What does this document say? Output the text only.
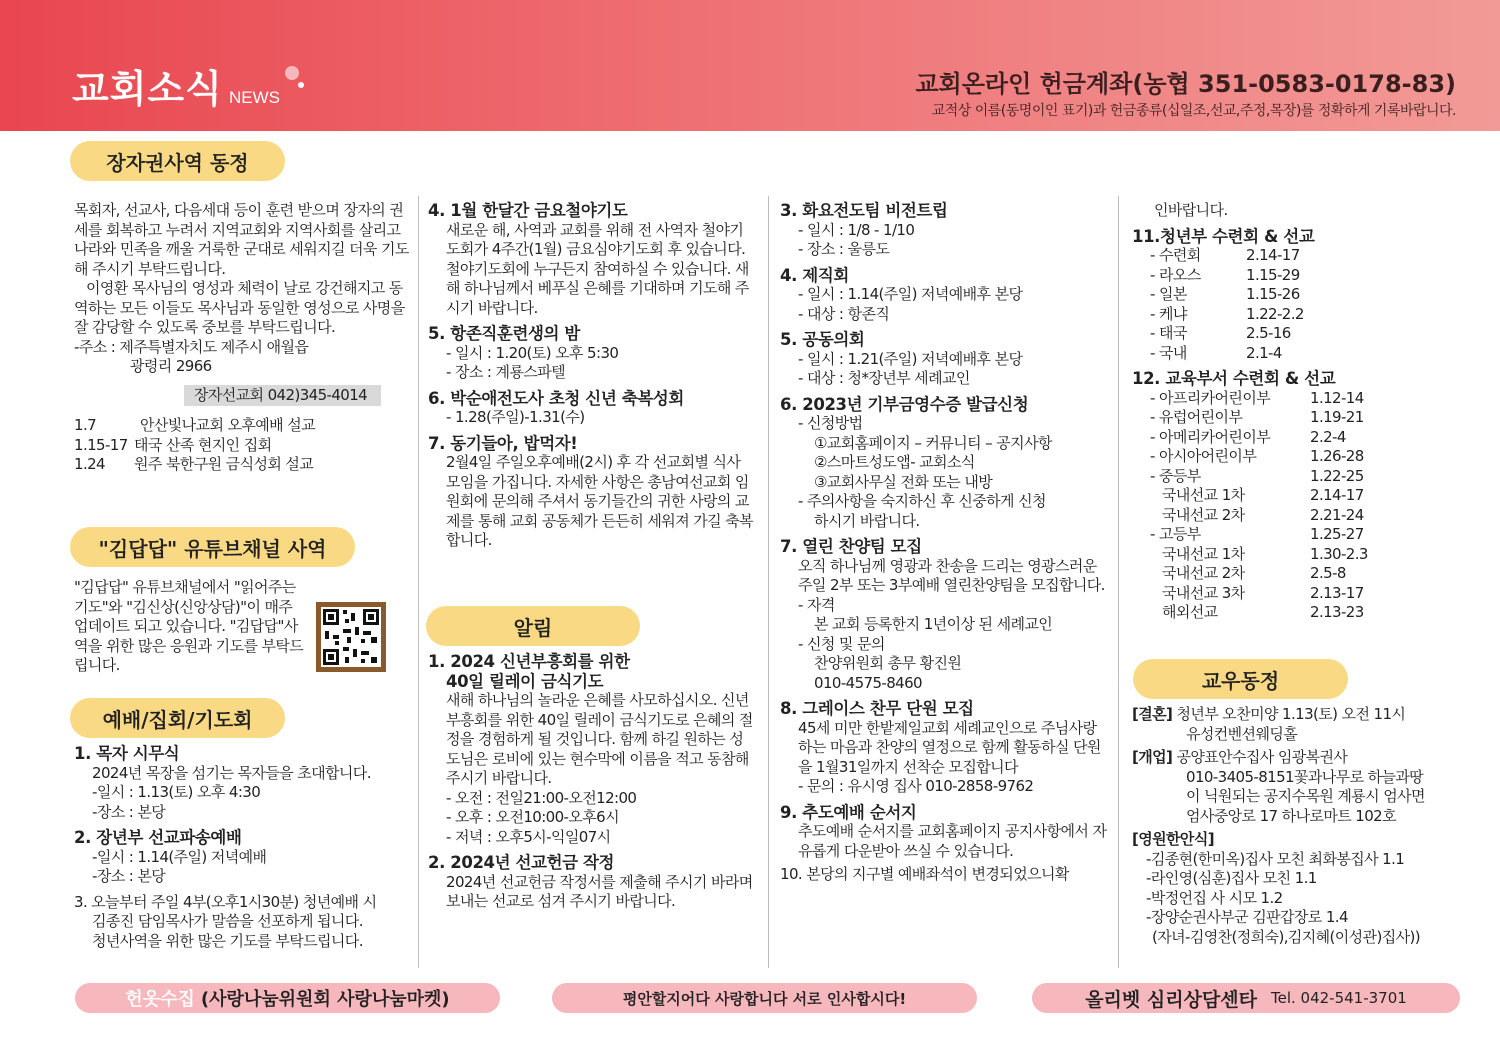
교회소식 NEWS	교회온라인 헌금계좌(농협 351-0583-0178-83)
교적상 이름(동명이인 표기)과 헌금종류(십일조,선교,주정,목장)를 정확하게 기록바랍니다.
장자권사역 동정
"김답답" 유튜브채널 사역
예배/집회/기도회
알림
교우동정

목회자, 선교사, 다음세대 등이 훈련 받으며 장자의 권세를 회복하고 누려서 지역교회와 지역사회를 살리고 나라와 민족을 깨울 거룩한 군대로 세워지길 더욱 기도해 주시기 부탁드립니다.

이영환 목사님의 영성과 체력이 날로 강건해지고 동역하는 모든 이들도 목사님과 동일한 영성으로 사명을 잘 감당할 수 있도록 중보를 부탁드립니다.

-주소 : 제주특별자치도 제주시 애월읍

광령리 2966

장자선교회 042)345-4014
1.7	안산빛나교회 오후예배 설교
1.15-17 태국 산족 현지인 집회
1.24	원주 북한구원 금식성회 설교

"김답답" 유튜브채널에서 "읽어주는 기도"와 "김신상(신앙상담)"이 매주 업데이트 되고 있습니다. "김답답"사역을 위한 많은 응원과 기도를 부탁드립니다.

1. 목자 시무식

2024년 목장을 섬기는 목자들을 초대합니다.

-일시 : 1.13(토) 오후 4:30

-장소 : 본당

2. 장년부 선교파송예배

-일시 : 1.14(주일) 저녁예배

-장소 : 본당

3. 오늘부터 주일 4부(오후1시30분) 청년예배 시

김종진 담임목사가 말씀을 선포하게 됩니다.

청년사역을 위한 많은 기도를 부탁드립니다.

4. 1월 한달간 금요철야기도

새로운 해, 사역과 교회를 위해 전 사역자 철야기도회가 4주간(1월) 금요심야기도회 후 있습니다. 철야기도회에 누구든지 참여하실 수 있습니다. 새해 하나님께서 베푸실 은혜를 기대하며 기도해 주시기 바랍니다.

5. 항존직훈련생의 밤

- 일시 : 1.20(토) 오후 5:30

- 장소 : 계룡스파텔

6. 박순애전도사 초청 신년 축복성회

- 1.28(주일)-1.31(수)

7. 동기들아, 밥먹자!

2월4일 주일오후예배(2시) 후 각 선교회별 식사 모임을 가집니다. 자세한 사항은 총남여선교회 임원회에 문의해 주셔서 동기들간의 귀한 사랑의 교제를 통해 교회 공동체가 든든히 세워져 가길 축복합니다.

1. 2024 신년부흥회를 위한

40일 릴레이 금식기도

새해 하나님의 놀라운 은혜를 사모하십시오. 신년부흥회를 위한 40일 릴레이 금식기도로 은혜의 절정을 경험하게 될 것입니다. 함께 하길 원하는 성도님은 로비에 있는 현수막에 이름을 적고 동참해 주시기 바랍니다.

- 오전 : 전일21:00-오전12:00

- 오후 : 오전10:00-오후6시

- 저녁 : 오후5시-익일07시

2. 2024년 선교헌금 작정

2024년 선교헌금 작정서를 제출해 주시기 바라며 보내는 선교로 섬겨 주시기 바랍니다.

3. 화요전도팀 비전트립

- 일시 : 1/8 - 1/10

- 장소 : 울릉도

4. 제직회

- 일시 : 1.14(주일) 저녁예배후 본당

- 대상 : 항존직

5. 공동의회

- 일시 : 1.21(주일) 저녁예배후 본당

- 대상 : 청*장년부 세례교인

6. 2023년 기부금영수증 발급신청

- 신청방법

①교회홈페이지 – 커뮤니티 – 공지사항

②스마트성도앱- 교회소식

③교회사무실 전화 또는 내방

- 주의사항을 숙지하신 후 신중하게 신청

하시기 바랍니다.

7. 열린 찬양팀 모집

오직 하나님께 영광과 찬송을 드리는 영광스러운 주일 2부 또는 3부예배 열린찬양팀을 모집합니다.

- 자격

본 교회 등록한지 1년이상 된 세례교인

- 신청 및 문의

찬양위원회 총무 황진원

010-4575-8460

8. 그레이스 찬무 단원 모집

45세 미만 한밭제일교회 세례교인으로 주님사랑하는 마음과 찬양의 열정으로 함께 활동하실 단원을 1월31일까지 선착순 모집합니다

- 문의 : 유시영 집사 010-2858-9762

9. 추도예배 순서지

추도예배 순서지를 교회홈페이지 공지사항에서 자유롭게 다운받아 쓰실 수 있습니다.

10. 본당의 지구별 예배좌석이 변경되었으니확

인바랍니다.

11.청년부 수련회 & 선교

- 수련회	2.14-17
- 라오스	1.15-29
- 일본	1.15-26
- 케냐	1.22-2.2
- 태국	2.5-16
- 국내	2.1-4

12. 교육부서 수련회 & 선교

- 아프리카어린이부	1.12-14
- 유럽어린이부	1.19-21
- 아메리카어린이부	2.2-4
- 아시아어린이부	1.26-28
- 중등부	1.22-25
국내선교 1차	2.14-17
국내선교 2차	2.21-24
- 고등부	1.25-27
국내선교 1차	1.30-2.3
국내선교 2차	2.5-8
국내선교 3차	2.13-17
해외선교	2.13-23

[결혼] 청년부 오찬미양 1.13(토) 오전 11시

유성컨벤션웨딩홀

[개업] 공양표안수집사 임광복권사

010-3405-8151꽃과나무로 하늘과땅

이 닉원되는 공지수목원 계룡시 엄사면

엄사중앙로 17 하나로마트 102호

[영원한안식]

-김종현(한미옥)집사 모친 최화봉집사 1.1

-라인영(심훈)집사 모친 1.1

-박정언집 사 시모 1.2

-장양순권사부군 김판갑장로 1.4

(자녀-김영찬(정희숙),김지혜(이성관)집사))

헌옷수집 (사랑나눔위원회 사랑나눔마켓)	평안할지어다 사랑합니다 서로 인사합시다!	올리벳 심리상담센타 Tel. 042-541-3701
